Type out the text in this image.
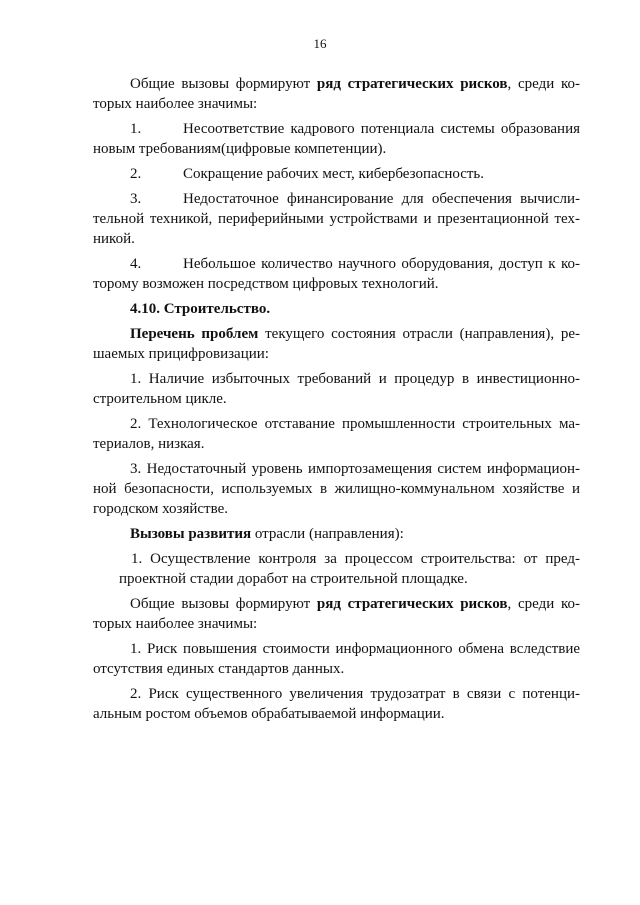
16

Общие вызовы формируют ряд стратегических рисков, среди ко-торых наиболее значимы:

1.	Несоответствие кадрового потенциала системы образования новым требованиям(цифровые компетенции).

2.	Сокращение рабочих мест, кибербезопасность.

3.	Недостаточное финансирование для обеспечения вычисли-тельной техникой, периферийными устройствами и презентационной тех-никой.

4.	Небольшое количество научного оборудования, доступ к ко-торому возможен посредством цифровых технологий.

4.10. Строительство.

Перечень проблем текущего состояния отрасли (направления), ре-шаемых прицифровизации:

1. Наличие избыточных требований и процедур в инвестиционно-строительном цикле.

2. Технологическое отставание промышленности строительных ма-териалов, низкая.

3. Недостаточный уровень импортозамещения систем информацион-ной безопасности, используемых в жилищно-коммунальном хозяйстве и городском хозяйстве.

Вызовы развития отрасли (направления):

1. Осуществление контроля за процессом строительства: от пред-проектной стадии доработ на строительной площадке.

Общие вызовы формируют ряд стратегических рисков, среди ко-торых наиболее значимы:

1. Риск повышения стоимости информационного обмена вследствие отсутствия единых стандартов данных.

2. Риск существенного увеличения трудозатрат в связи с потенци-альным ростом объемов обрабатываемой информации.
